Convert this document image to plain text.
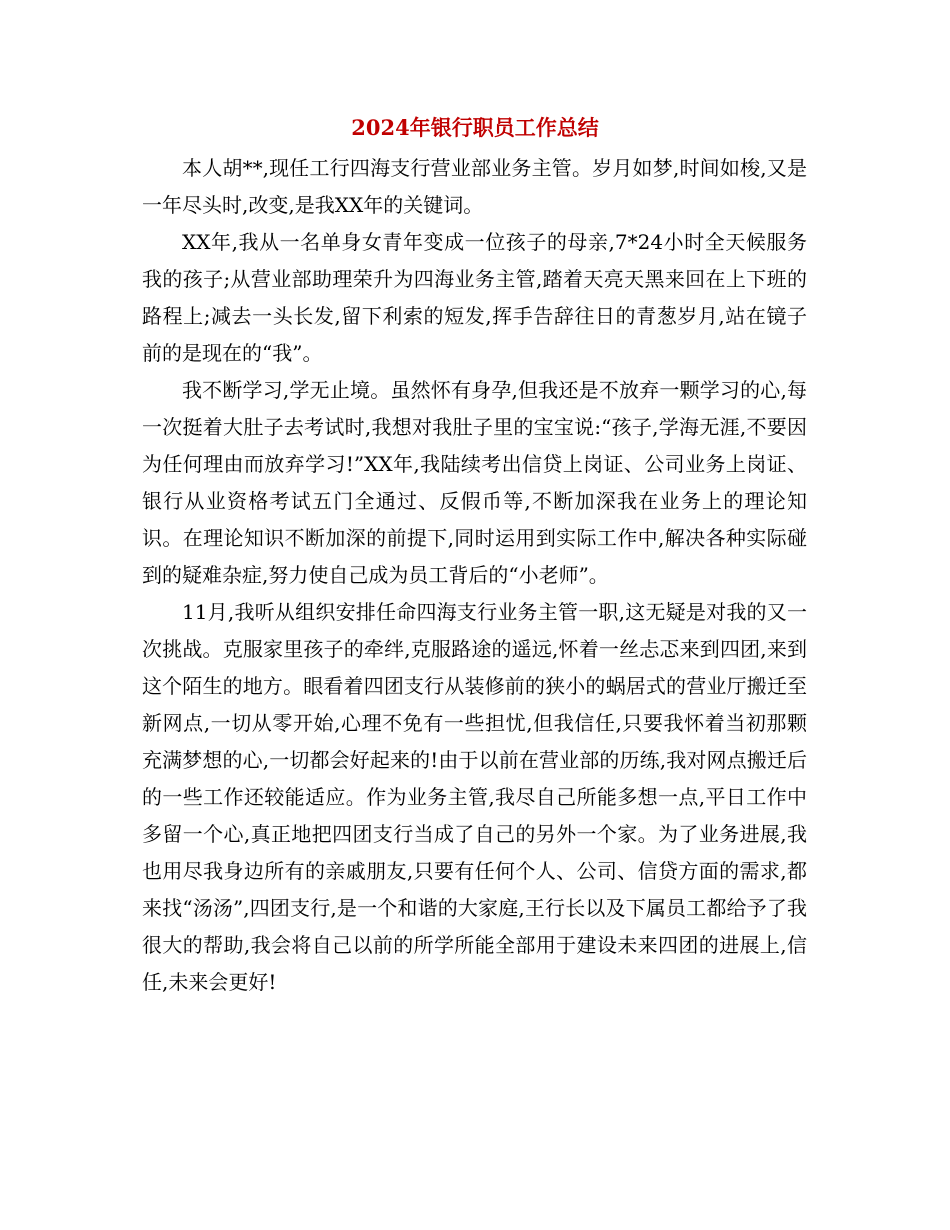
2024年银行职员工作总结

本人胡**,现任工行四海支行营业部业务主管。岁月如梦,时间如梭,又是一年尽头时,改变,是我XX年的关键词。

XX年,我从一名单身女青年变成一位孩子的母亲,7*24小时全天候服务我的孩子;从营业部助理荣升为四海业务主管,踏着天亮天黑来回在上下班的路程上;减去一头长发,留下利索的短发,挥手告辞往日的青葱岁月,站在镜子前的是现在的“我”。

我不断学习,学无止境。虽然怀有身孕,但我还是不放弃一颗学习的心,每一次挺着大肚子去考试时,我想对我肚子里的宝宝说:“孩子,学海无涯,不要因为任何理由而放弃学习!”XX年,我陆续考出信贷上岗证、公司业务上岗证、银行从业资格考试五门全通过、反假币等,不断加深我在业务上的理论知识。在理论知识不断加深的前提下,同时运用到实际工作中,解决各种实际碰到的疑难杂症,努力使自己成为员工背后的“小老师”。

11月,我听从组织安排任命四海支行业务主管一职,这无疑是对我的又一次挑战。克服家里孩子的牵绊,克服路途的遥远,怀着一丝忐忑来到四团,来到这个陌生的地方。眼看着四团支行从装修前的狭小的蜗居式的营业厅搬迁至新网点,一切从零开始,心理不免有一些担忧,但我信任,只要我怀着当初那颗充满梦想的心,一切都会好起来的!由于以前在营业部的历练,我对网点搬迁后的一些工作还较能适应。作为业务主管,我尽自己所能多想一点,平日工作中多留一个心,真正地把四团支行当成了自己的另外一个家。为了业务进展,我也用尽我身边所有的亲戚朋友,只要有任何个人、公司、信贷方面的需求,都来找“汤汤”,四团支行,是一个和谐的大家庭,王行长以及下属员工都给予了我很大的帮助,我会将自己以前的所学所能全部用于建设未来四团的进展上,信任,未来会更好!
